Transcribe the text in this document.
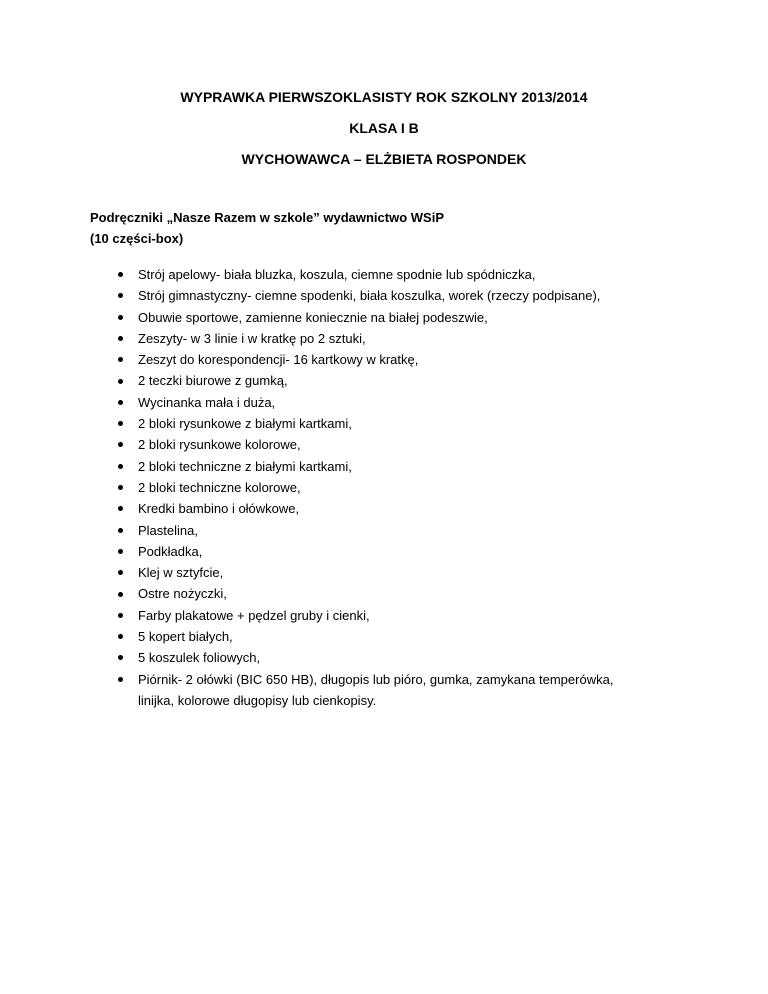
WYPRAWKA PIERWSZOKLASISTY ROK SZKOLNY 2013/2014
KLASA I B
WYCHOWAWCA – ELŻBIETA ROSPONDEK
Podręczniki „Nasze Razem w szkole” wydawnictwo WSiP
(10 części-box)
Strój apelowy- biała bluzka, koszula, ciemne spodnie lub spódniczka,
Strój gimnastyczny- ciemne spodenki, biała koszulka, worek (rzeczy podpisane),
Obuwie sportowe, zamienne koniecznie na białej podeszwie,
Zeszyty- w 3 linie i w kratkę po 2 sztuki,
Zeszyt do korespondencji- 16 kartkowy w kratkę,
2 teczki biurowe z gumką,
Wycinanka mała i duża,
2 bloki rysunkowe z białymi kartkami,
2 bloki rysunkowe kolorowe,
2 bloki techniczne z białymi kartkami,
2 bloki techniczne kolorowe,
Kredki bambino i ołówkowe,
Plastelina,
Podkładka,
Klej w sztyfcie,
Ostre nożyczki,
Farby plakatowe + pędzel gruby i cienki,
5 kopert białych,
5 koszulek foliowych,
Piórnik- 2 ołówki (BIC 650 HB), długopis lub pióro, gumka, zamykana temperówka,
linijka, kolorowe długopisy lub cienkopisy.
